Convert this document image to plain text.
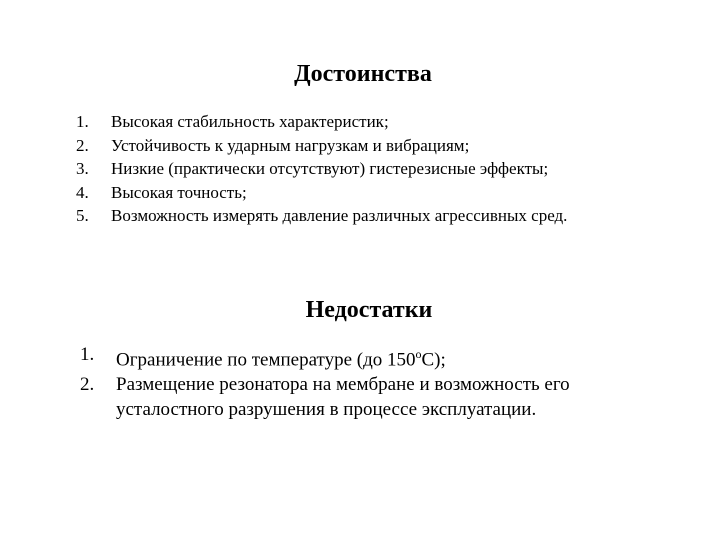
Достоинства
1. Высокая стабильность характеристик;
2. Устойчивость к ударным нагрузкам и вибрациям;
3. Низкие (практически отсутствуют) гистерезисные эффекты;
4. Высокая точность;
5. Возможность измерять давление различных агрессивных сред.
Недостатки
1. Ограничение по температуре (до $150^оС$);
2. Размещение резонатора на мембране и возможность его усталостного разрушения в процессе эксплуатации.
